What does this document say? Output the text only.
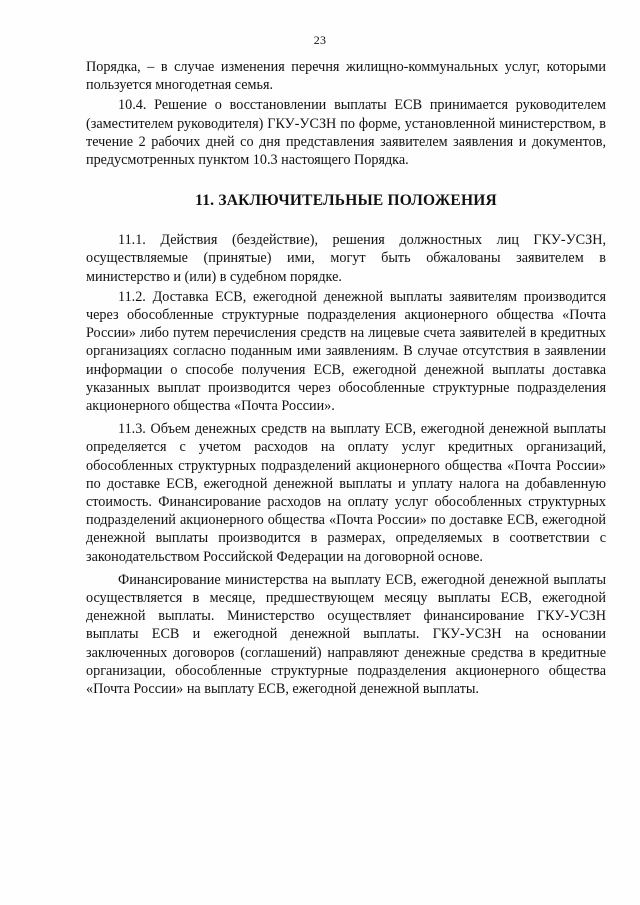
23

Порядка, – в случае изменения перечня жилищно-коммунальных услуг, которыми пользуется многодетная семья.

10.4. Решение о восстановлении выплаты ЕСВ принимается руководителем (заместителем руководителя) ГКУ-УСЗН по форме, установленной министерством, в течение 2 рабочих дней со дня представления заявителем заявления и документов, предусмотренных пунктом 10.3 настоящего Порядка.

11. ЗАКЛЮЧИТЕЛЬНЫЕ ПОЛОЖЕНИЯ

11.1. Действия (бездействие), решения должностных лиц ГКУ-УСЗН, осуществляемые (принятые) ими, могут быть обжалованы заявителем в министерство и (или) в судебном порядке.

11.2. Доставка ЕСВ, ежегодной денежной выплаты заявителям производится через обособленные структурные подразделения акционерного общества «Почта России» либо путем перечисления средств на лицевые счета заявителей в кредитных организациях согласно поданным ими заявлениям. В случае отсутствия в заявлении информации о способе получения ЕСВ, ежегодной денежной выплаты доставка указанных выплат производится через обособленные структурные подразделения акционерного общества «Почта России».

11.3. Объем денежных средств на выплату ЕСВ, ежегодной денежной выплаты определяется с учетом расходов на оплату услуг кредитных организаций, обособленных структурных подразделений акционерного общества «Почта России» по доставке ЕСВ, ежегодной денежной выплаты и уплату налога на добавленную стоимость. Финансирование расходов на оплату услуг обособленных структурных подразделений акционерного общества «Почта России» по доставке ЕСВ, ежегодной денежной выплаты производится в размерах, определяемых в соответствии с законодательством Российской Федерации на договорной основе.

Финансирование министерства на выплату ЕСВ, ежегодной денежной выплаты осуществляется в месяце, предшествующем месяцу выплаты ЕСВ, ежегодной денежной выплаты. Министерство осуществляет финансирование ГКУ-УСЗН выплаты ЕСВ и ежегодной денежной выплаты. ГКУ-УСЗН на основании заключенных договоров (соглашений) направляют денежные средства в кредитные организации, обособленные структурные подразделения акционерного общества «Почта России» на выплату ЕСВ, ежегодной денежной выплаты.
